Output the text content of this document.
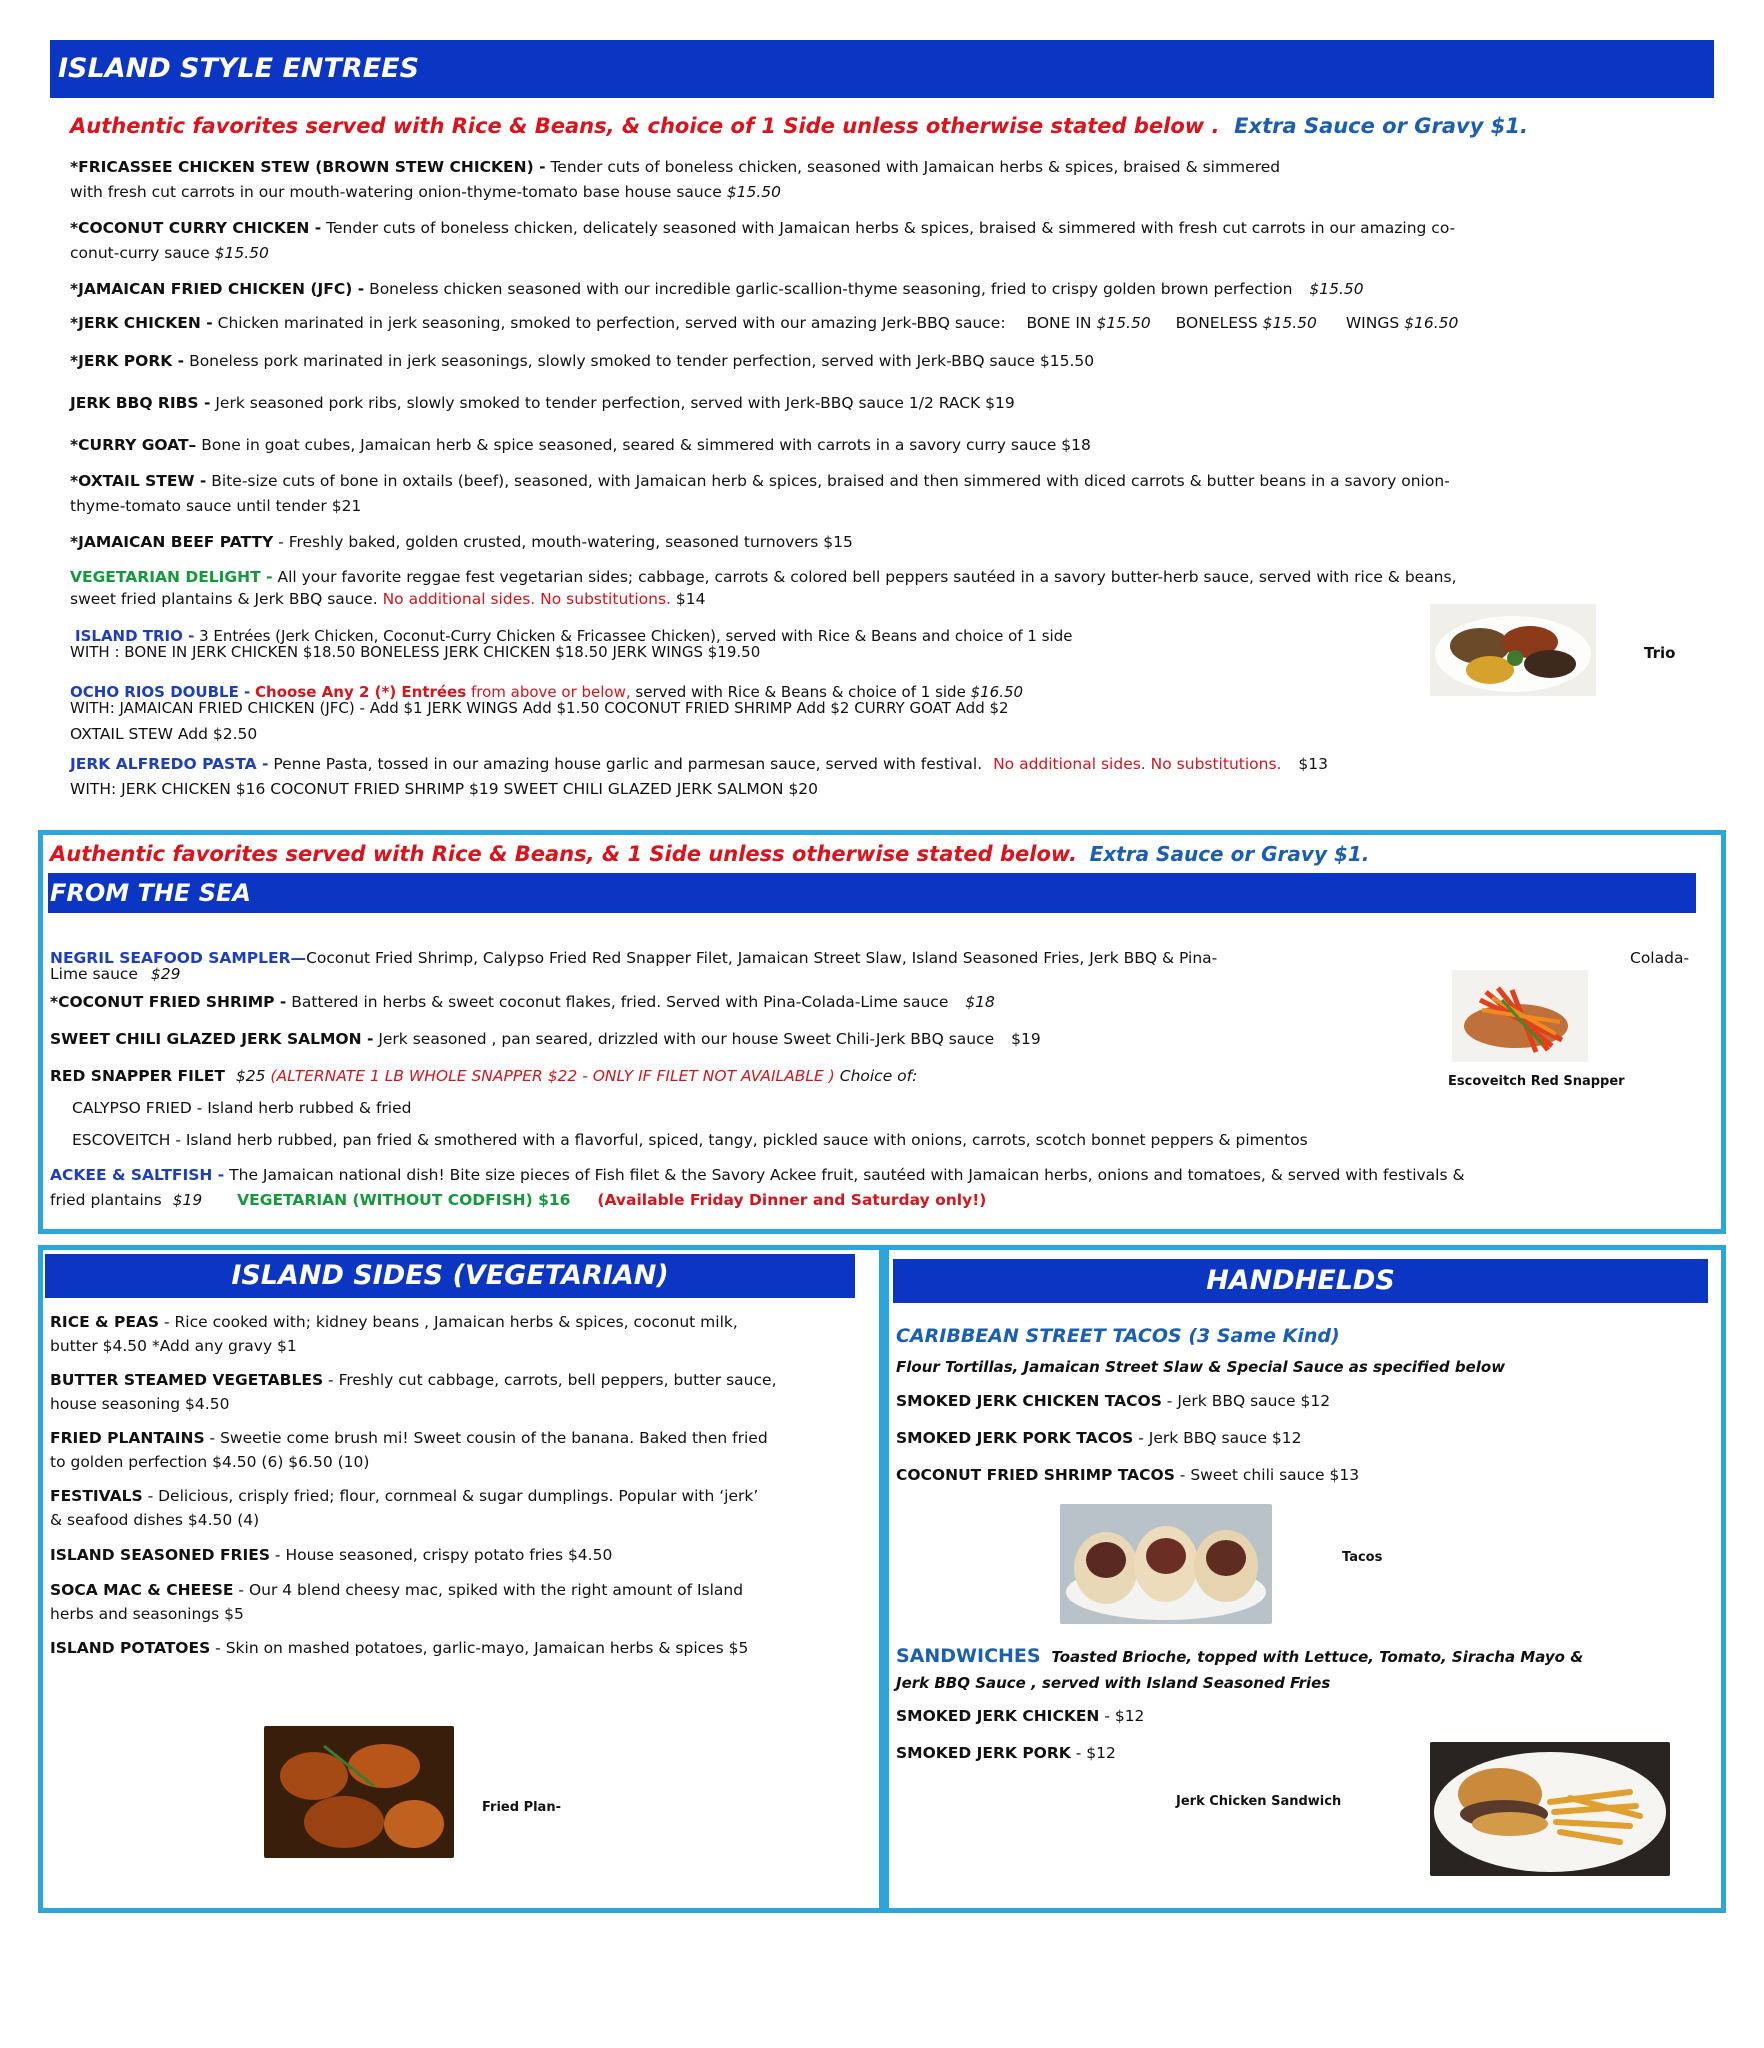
ISLAND STYLE ENTREES
Authentic favorites served with Rice & Beans, & choice of 1 Side unless otherwise stated below . Extra Sauce or Gravy $1.
*FRICASSEE CHICKEN STEW (BROWN STEW CHICKEN) - Tender cuts of boneless chicken, seasoned with Jamaican herbs & spices, braised & simmered
with fresh cut carrots in our mouth-watering onion-thyme-tomato base house sauce $15.50
*COCONUT CURRY CHICKEN - Tender cuts of boneless chicken, delicately seasoned with Jamaican herbs & spices, braised & simmered with fresh cut carrots in our amazing co-
conut-curry sauce $15.50
*JAMAICAN FRIED CHICKEN (JFC) - Boneless chicken seasoned with our incredible garlic-scallion-thyme seasoning, fried to crispy golden brown perfection $15.50
*JERK CHICKEN - Chicken marinated in jerk seasoning, smoked to perfection, served with our amazing Jerk-BBQ sauce: BONE IN $15.50 BONELESS $15.50 WINGS $16.50
*JERK PORK - Boneless pork marinated in jerk seasonings, slowly smoked to tender perfection, served with Jerk-BBQ sauce $15.50
JERK BBQ RIBS - Jerk seasoned pork ribs, slowly smoked to tender perfection, served with Jerk-BBQ sauce 1/2 RACK $19
*CURRY GOAT– Bone in goat cubes, Jamaican herb & spice seasoned, seared & simmered with carrots in a savory curry sauce $18
*OXTAIL STEW - Bite-size cuts of bone in oxtails (beef), seasoned, with Jamaican herb & spices, braised and then simmered with diced carrots & butter beans in a savory onion-
thyme-tomato sauce until tender $21
*JAMAICAN BEEF PATTY - Freshly baked, golden crusted, mouth-watering, seasoned turnovers $15
VEGETARIAN DELIGHT - All your favorite reggae fest vegetarian sides; cabbage, carrots & colored bell peppers sautéed in a savory butter-herb sauce, served with rice & beans,
sweet fried plantains & Jerk BBQ sauce. No additional sides. No substitutions. $14
ISLAND TRIO - 3 Entrées (Jerk Chicken, Coconut-Curry Chicken & Fricassee Chicken), served with Rice & Beans and choice of 1 side
WITH : BONE IN JERK CHICKEN $18.50 BONELESS JERK CHICKEN $18.50 JERK WINGS $19.50	Trio
OCHO RIOS DOUBLE - Choose Any 2 (*) Entrées from above or below, served with Rice & Beans & choice of 1 side $16.50
WITH: JAMAICAN FRIED CHICKEN (JFC) - Add $1 JERK WINGS Add $1.50 COCONUT FRIED SHRIMP Add $2 CURRY GOAT Add $2
OXTAIL STEW Add $2.50
JERK ALFREDO PASTA - Penne Pasta, tossed in our amazing house garlic and parmesan sauce, served with festival. No additional sides. No substitutions. $13
WITH: JERK CHICKEN $16 COCONUT FRIED SHRIMP $19 SWEET CHILI GLAZED JERK SALMON $20
Authentic favorites served with Rice & Beans, & 1 Side unless otherwise stated below. Extra Sauce or Gravy $1.
FROM THE SEA
NEGRIL SEAFOOD SAMPLER—Coconut Fried Shrimp, Calypso Fried Red Snapper Filet, Jamaican Street Slaw, Island Seasoned Fries, Jerk BBQ & Pina-
Lime sauce $29
Colada-
*COCONUT FRIED SHRIMP - Battered in herbs & sweet coconut flakes, fried. Served with Pina-Colada-Lime sauce $18
SWEET CHILI GLAZED JERK SALMON - Jerk seasoned , pan seared, drizzled with our house Sweet Chili-Jerk BBQ sauce $19
RED SNAPPER FILET $25 (ALTERNATE 1 LB WHOLE SNAPPER $22 - ONLY IF FILET NOT AVAILABLE ) Choice of:
CALYPSO FRIED - Island herb rubbed & fried
ESCOVEITCH - Island herb rubbed, pan fried & smothered with a flavorful, spiced, tangy, pickled sauce with onions, carrots, scotch bonnet peppers & pimentos
ACKEE & SALTFISH - The Jamaican national dish! Bite size pieces of Fish filet & the Savory Ackee fruit, sautéed with Jamaican herbs, onions and tomatoes, & served with festivals &
fried plantains $19 VEGETARIAN (WITHOUT CODFISH) $16 (Available Friday Dinner and Saturday only!)
Escoveitch Red Snapper
ISLAND SIDES (VEGETARIAN)
RICE & PEAS - Rice cooked with; kidney beans , Jamaican herbs & spices, coconut milk,
butter $4.50 *Add any gravy $1
BUTTER STEAMED VEGETABLES - Freshly cut cabbage, carrots, bell peppers, butter sauce,
house seasoning $4.50
FRIED PLANTAINS - Sweetie come brush mi! Sweet cousin of the banana. Baked then fried
to golden perfection $4.50 (6) $6.50 (10)
FESTIVALS - Delicious, crisply fried; flour, cornmeal & sugar dumplings. Popular with ‘jerk’
& seafood dishes $4.50 (4)
ISLAND SEASONED FRIES - House seasoned, crispy potato fries $4.50
SOCA MAC & CHEESE - Our 4 blend cheesy mac, spiked with the right amount of Island
herbs and seasonings $5
ISLAND POTATOES - Skin on mashed potatoes, garlic-mayo, Jamaican herbs & spices $5
Fried Plan-
HANDHELDS
CARIBBEAN STREET TACOS (3 Same Kind)
Flour Tortillas, Jamaican Street Slaw & Special Sauce as specified below
SMOKED JERK CHICKEN TACOS - Jerk BBQ sauce $12
SMOKED JERK PORK TACOS - Jerk BBQ sauce $12
COCONUT FRIED SHRIMP TACOS - Sweet chili sauce $13
Tacos
SANDWICHES Toasted Brioche, topped with Lettuce, Tomato, Siracha Mayo &
Jerk BBQ Sauce , served with Island Seasoned Fries
SMOKED JERK CHICKEN - $12
SMOKED JERK PORK - $12
Jerk Chicken Sandwich
